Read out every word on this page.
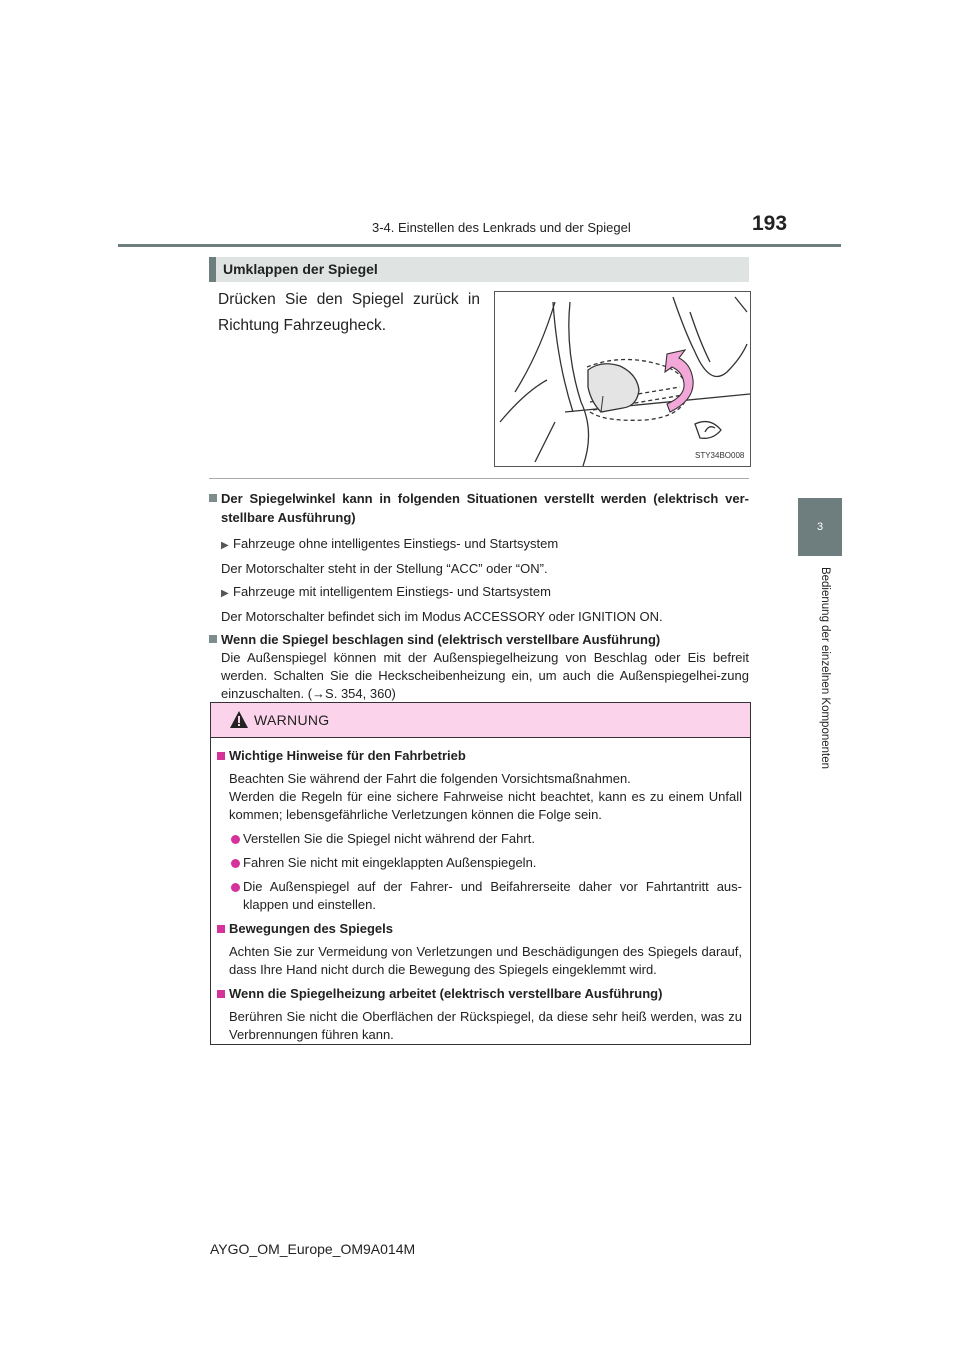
3-4. Einstellen des Lenkrads und der Spiegel	193
3
Bedienung der einzelnen Komponenten
Umklappen der Spiegel
Drücken Sie den Spiegel zurück in Richtung Fahrzeugheck.
STY34BO008

Der Spiegelwinkel kann in folgenden Situationen verstellt werden (elektrisch ver-stellbare Ausführung)

▶ Fahrzeuge ohne intelligentes Einstiegs- und Startsystem

Der Motorschalter steht in der Stellung “ACC” oder “ON”.

▶ Fahrzeuge mit intelligentem Einstiegs- und Startsystem

Der Motorschalter befindet sich im Modus ACCESSORY oder IGNITION ON.

Wenn die Spiegel beschlagen sind (elektrisch verstellbare Ausführung)

Die Außenspiegel können mit der Außenspiegelheizung von Beschlag oder Eis befreit werden. Schalten Sie die Heckscheibenheizung ein, um auch die Außenspiegelhei-zung einzuschalten. (→S. 354, 360)

WARNUNG

Wichtige Hinweise für den Fahrbetrieb

Beachten Sie während der Fahrt die folgenden Vorsichtsmaßnahmen.

Werden die Regeln für eine sichere Fahrweise nicht beachtet, kann es zu einem Unfall kommen; lebensgefährliche Verletzungen können die Folge sein.

Verstellen Sie die Spiegel nicht während der Fahrt.

Fahren Sie nicht mit eingeklappten Außenspiegeln.

Die Außenspiegel auf der Fahrer- und Beifahrerseite daher vor Fahrtantritt aus-klappen und einstellen.

Bewegungen des Spiegels

Achten Sie zur Vermeidung von Verletzungen und Beschädigungen des Spiegels darauf, dass Ihre Hand nicht durch die Bewegung des Spiegels eingeklemmt wird.

Wenn die Spiegelheizung arbeitet (elektrisch verstellbare Ausführung)

Berühren Sie nicht die Oberflächen der Rückspiegel, da diese sehr heiß werden, was zu Verbrennungen führen kann.

AYGO_OM_Europe_OM9A014M
